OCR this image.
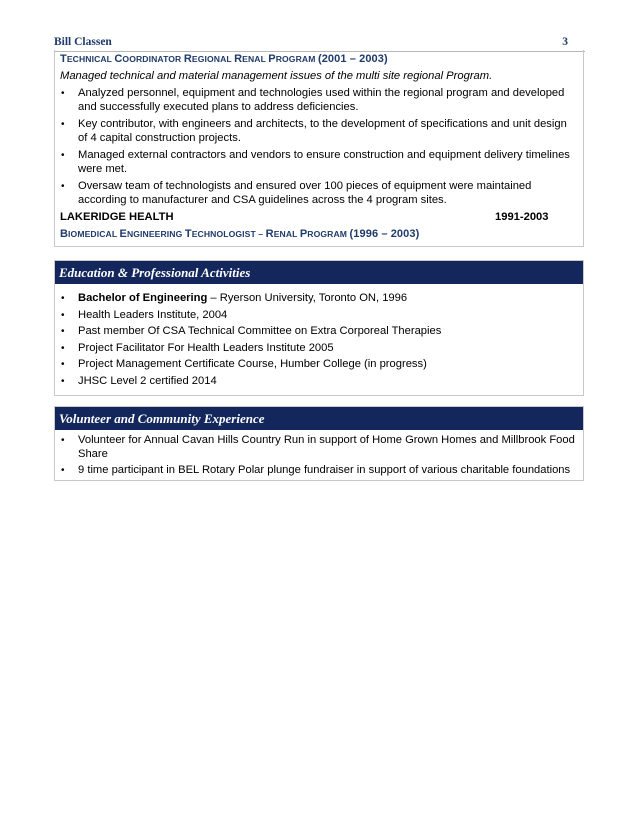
Bill Classen	3
TECHNICAL COORDINATOR REGIONAL RENAL PROGRAM (2001 – 2003)
Managed technical and material management issues of the multi site regional Program.
• Analyzed personnel, equipment and technologies used within the regional program and developed and successfully executed plans to address deficiencies.
• Key contributor, with engineers and architects, to the development of specifications and unit design of 4 capital construction projects.
• Managed external contractors and vendors to ensure construction and equipment delivery timelines were met.
• Oversaw team of technologists and ensured over 100 pieces of equipment were maintained according to manufacturer and CSA guidelines across the 4 program sites.
LAKERIDGE HEALTH	1991-2003
BIOMEDICAL ENGINEERING TECHNOLOGIST – RENAL PROGRAM (1996 – 2003)
Education & Professional Activities
• Bachelor of Engineering – Ryerson University, Toronto ON, 1996
• Health Leaders Institute, 2004
• Past member Of CSA Technical Committee on Extra Corporeal Therapies
• Project Facilitator For Health Leaders Institute 2005
• Project Management Certificate Course, Humber College (in progress)
• JHSC Level 2 certified 2014
Volunteer and Community Experience
• Volunteer for Annual Cavan Hills Country Run in support of Home Grown Homes and Millbrook Food Share
• 9 time participant in BEL Rotary Polar plunge fundraiser in support of various charitable foundations
